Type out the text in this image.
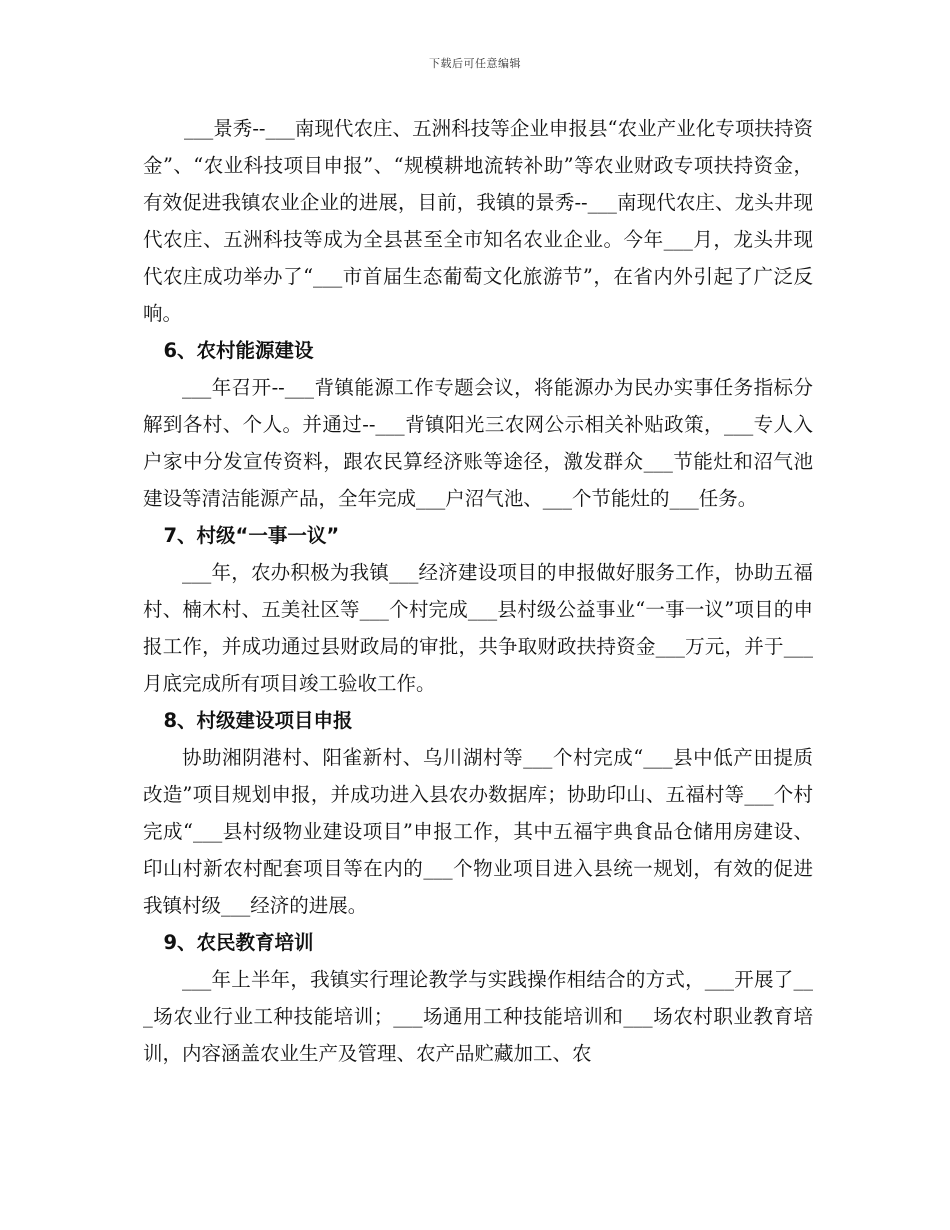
下载后可任意编辑

___景秀--___南现代农庄、五洲科技等企业申报县“农业产业化专项扶持资金”、“农业科技项目申报”、“规模耕地流转补助”等农业财政专项扶持资金，有效促进我镇农业企业的进展，目前，我镇的景秀--___南现代农庄、龙头井现代农庄、五洲科技等成为全县甚至全市知名农业企业。今年___月，龙头井现代农庄成功举办了“___市首届生态葡萄文化旅游节”，在省内外引起了广泛反响。

6、农村能源建设

___年召开--___背镇能源工作专题会议，将能源办为民办实事任务指标分解到各村、个人。并通过--___背镇阳光三农网公示相关补贴政策，___专人入户家中分发宣传资料，跟农民算经济账等途径，激发群众___节能灶和沼气池建设等清洁能源产品，全年完成___户沼气池、___个节能灶的___任务。

7、村级“一事一议”

___年，农办积极为我镇___经济建设项目的申报做好服务工作，协助五福村、楠木村、五美社区等___个村完成___县村级公益事业“一事一议”项目的申报工作，并成功通过县财政局的审批，共争取财政扶持资金___万元，并于___月底完成所有项目竣工验收工作。

8、村级建设项目申报

协助湘阴港村、阳雀新村、乌川湖村等___个村完成“___县中低产田提质改造”项目规划申报，并成功进入县农办数据库；协助印山、五福村等___个村完成“___县村级物业建设项目”申报工作，其中五福宇典食品仓储用房建设、印山村新农村配套项目等在内的___个物业项目进入县统一规划，有效的促进我镇村级___经济的进展。

9、农民教育培训

___年上半年，我镇实行理论教学与实践操作相结合的方式，___开展了___场农业行业工种技能培训；___场通用工种技能培训和___场农村职业教育培训，内容涵盖农业生产及管理、农产品贮藏加工、农
